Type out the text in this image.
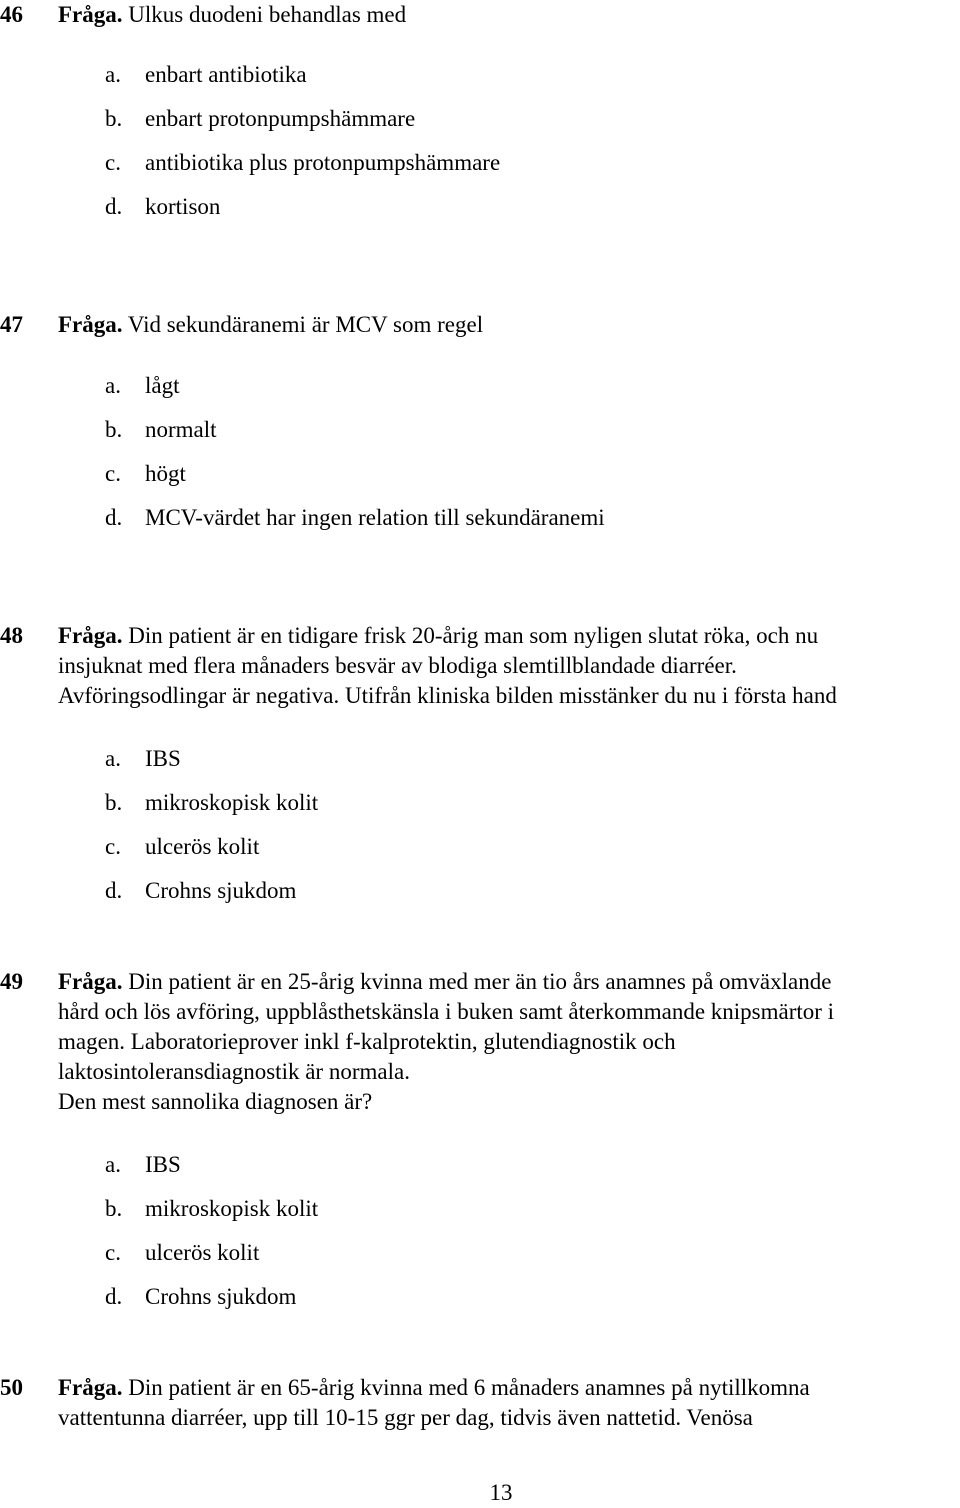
46 Fråga. Ulkus duodeni behandlas med
a. enbart antibiotika
b. enbart protonpumpshämmare
c. antibiotika plus protonpumpshämmare
d. kortison
47 Fråga. Vid sekundäranemi är MCV som regel
a. lågt
b. normalt
c. högt
d. MCV-värdet har ingen relation till sekundäranemi
48 Fråga. Din patient är en tidigare frisk 20-årig man som nyligen slutat röka, och nu
insjuknat med flera månaders besvär av blodiga slemtillblandade diarréer.
Avföringsodlingar är negativa. Utifrån kliniska bilden misstänker du nu i första hand
a. IBS
b. mikroskopisk kolit
c. ulcerös kolit
d. Crohns sjukdom
49 Fråga. Din patient är en 25-årig kvinna med mer än tio års anamnes på omväxlande
hård och lös avföring, uppblåsthetskänsla i buken samt återkommande knipsmärtor i
magen. Laboratorieprover inkl f-kalprotektin, glutendiagnostik och
laktosintoleransdiagnostik är normala.
Den mest sannolika diagnosen är?
a. IBS
b. mikroskopisk kolit
c. ulcerös kolit
d. Crohns sjukdom
50 Fråga. Din patient är en 65-årig kvinna med 6 månaders anamnes på nytillkomna
vattentunna diarréer, upp till 10-15 ggr per dag, tidvis även nattetid. Venösa
13
